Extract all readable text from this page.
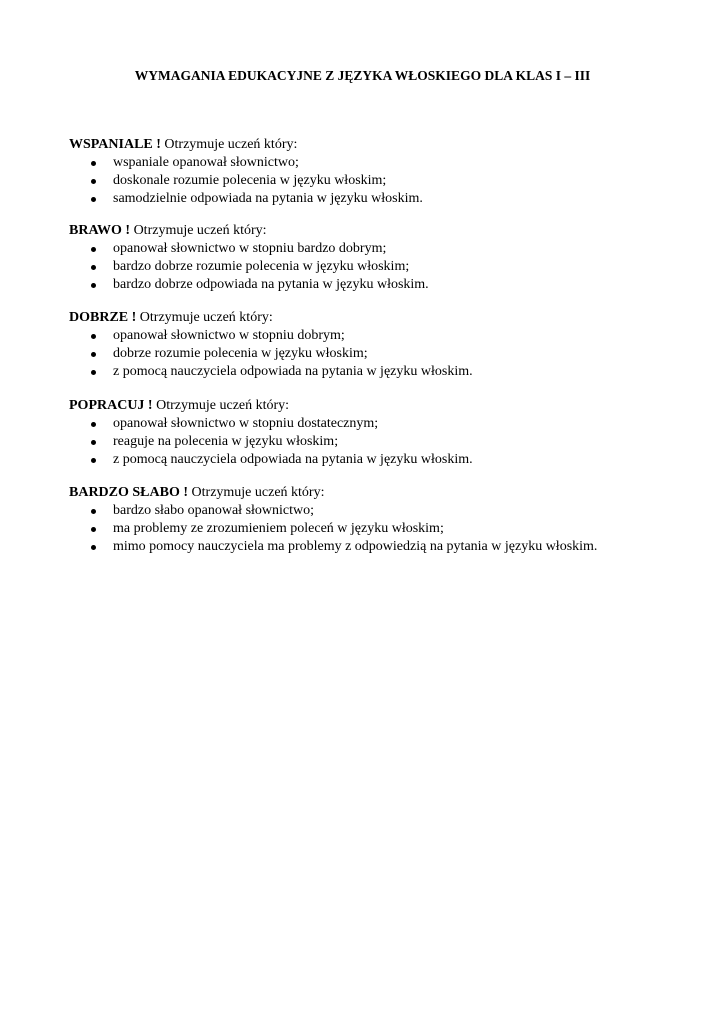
WYMAGANIA EDUKACYJNE Z JĘZYKA WŁOSKIEGO DLA KLAS I – III

WSPANIALE ! Otrzymuje uczeń który:

wspaniale opanował słownictwo;
doskonale rozumie polecenia w języku włoskim;
samodzielnie odpowiada na pytania w języku włoskim.

BRAWO ! Otrzymuje uczeń który:

opanował słownictwo w stopniu bardzo dobrym;
bardzo dobrze rozumie polecenia w języku włoskim;
bardzo dobrze odpowiada na pytania w języku włoskim.

DOBRZE ! Otrzymuje uczeń który:

opanował słownictwo w stopniu dobrym;
dobrze rozumie polecenia w języku włoskim;
z pomocą nauczyciela odpowiada na pytania w języku włoskim.

POPRACUJ ! Otrzymuje uczeń który:

opanował słownictwo w stopniu dostatecznym;
reaguje na polecenia w języku włoskim;
z pomocą nauczyciela odpowiada na pytania w języku włoskim.

BARDZO SŁABO ! Otrzymuje uczeń który:

bardzo słabo opanował słownictwo;
ma problemy ze zrozumieniem poleceń w języku włoskim;
mimo pomocy nauczyciela ma problemy z odpowiedzią na pytania w języku włoskim.
